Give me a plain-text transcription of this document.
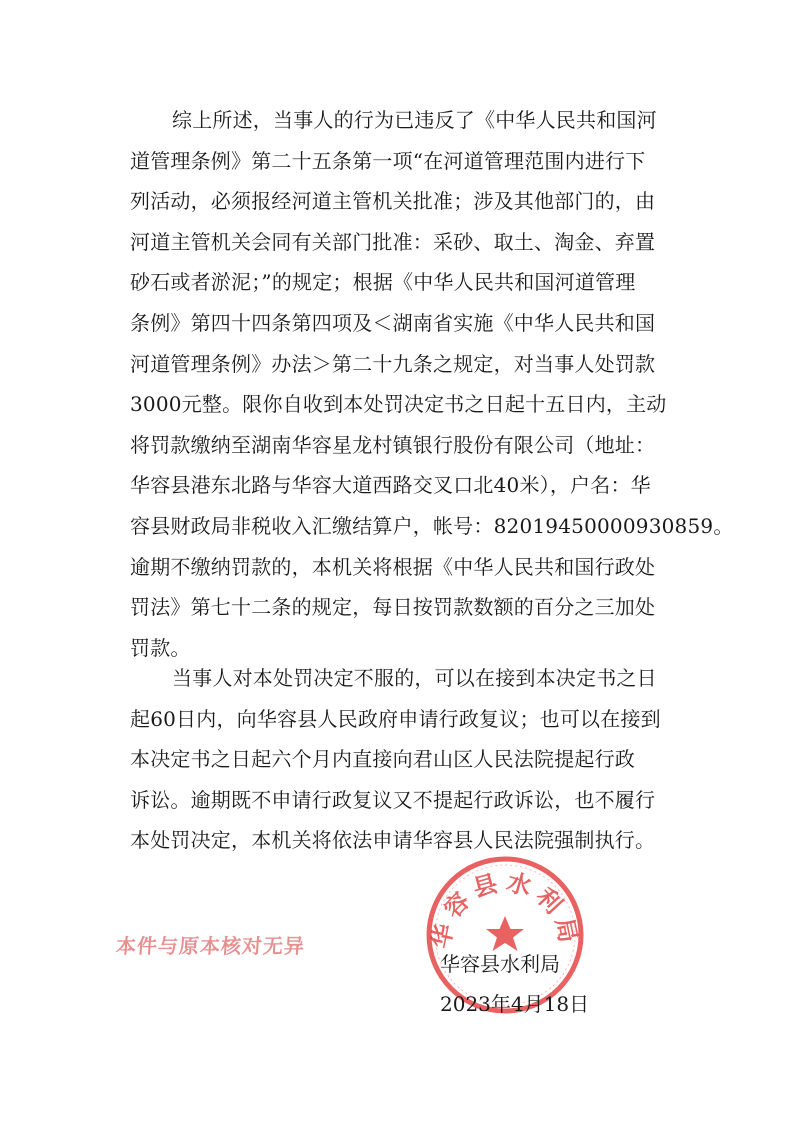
综上所述，当事人的行为已违反了《中华人民共和国河
道管理条例》第二十五条第一项“在河道管理范围内进行下
列活动，必须报经河道主管机关批准；涉及其他部门的，由
河道主管机关会同有关部门批准：采砂、取土、淘金、弃置
砂石或者淤泥；”的规定；根据《中华人民共和国河道管理
条例》第四十四条第四项及＜湖南省实施《中华人民共和国
河道管理条例》办法＞第二十九条之规定，对当事人处罚款
3000元整。限你自收到本处罚决定书之日起十五日内，主动
将罚款缴纳至湖南华容星龙村镇银行股份有限公司（地址：
华容县港东北路与华容大道西路交叉口北40米），户名：华
容县财政局非税收入汇缴结算户，帐号：82019450000930859。
逾期不缴纳罚款的，本机关将根据《中华人民共和国行政处
罚法》第七十二条的规定，每日按罚款数额的百分之三加处
罚款。
当事人对本处罚决定不服的，可以在接到本决定书之日
起60日内，向华容县人民政府申请行政复议；也可以在接到
本决定书之日起六个月内直接向君山区人民法院提起行政
诉讼。逾期既不申请行政复议又不提起行政诉讼，也不履行
本处罚决定，本机关将依法申请华容县人民法院强制执行。
本件与原本核对无异	华容县水利局
华容县水利局
2023年4月18日
